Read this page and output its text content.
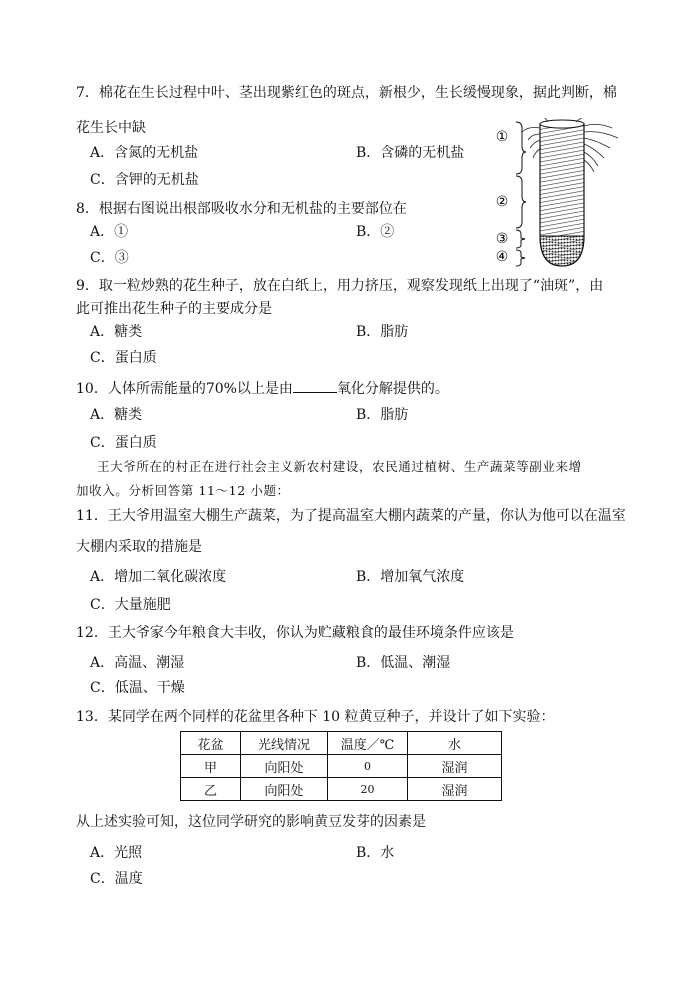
7．棉花在生长过程中叶、茎出现紫红色的斑点，新根少，生长缓慢现象，据此判断，棉
花生长中缺
A．含氮的无机盐	B．含磷的无机盐
C．含钾的无机盐
8．根据右图说出根部吸收水分和无机盐的主要部位在
A．①	B．②
C．③
①
②
③
④
9．取一粒炒熟的花生种子，放在白纸上，用力挤压，观察发现纸上出现了“油斑”，由
此可推出花生种子的主要成分是
A．糖类	B．脂肪
C．蛋白质
10．人体所需能量的70%以上是由	氧化分解提供的。
A．糖类	B．脂肪
C．蛋白质
王大爷所在的村正在进行社会主义新农村建设，农民通过植树、生产蔬菜等副业来增
加收入。分析回答第 11～12 小题：
11．王大爷用温室大棚生产蔬菜，为了提高温室大棚内蔬菜的产量，你认为他可以在温室
大棚内采取的措施是
A．增加二氧化碳浓度	B．增加氧气浓度
C．大量施肥
12．王大爷家今年粮食大丰收，你认为贮藏粮食的最佳环境条件应该是
A．高温、潮湿	B．低温、潮湿
C．低温、干燥
13．某同学在两个同样的花盆里各种下 10 粒黄豆种子，并设计了如下实验：
花盆	光线情况	温度／℃	水
甲	向阳处	0	湿润
乙	向阳处	20	湿润
从上述实验可知，这位同学研究的影响黄豆发芽的因素是
A．光照	B．水
C．温度
